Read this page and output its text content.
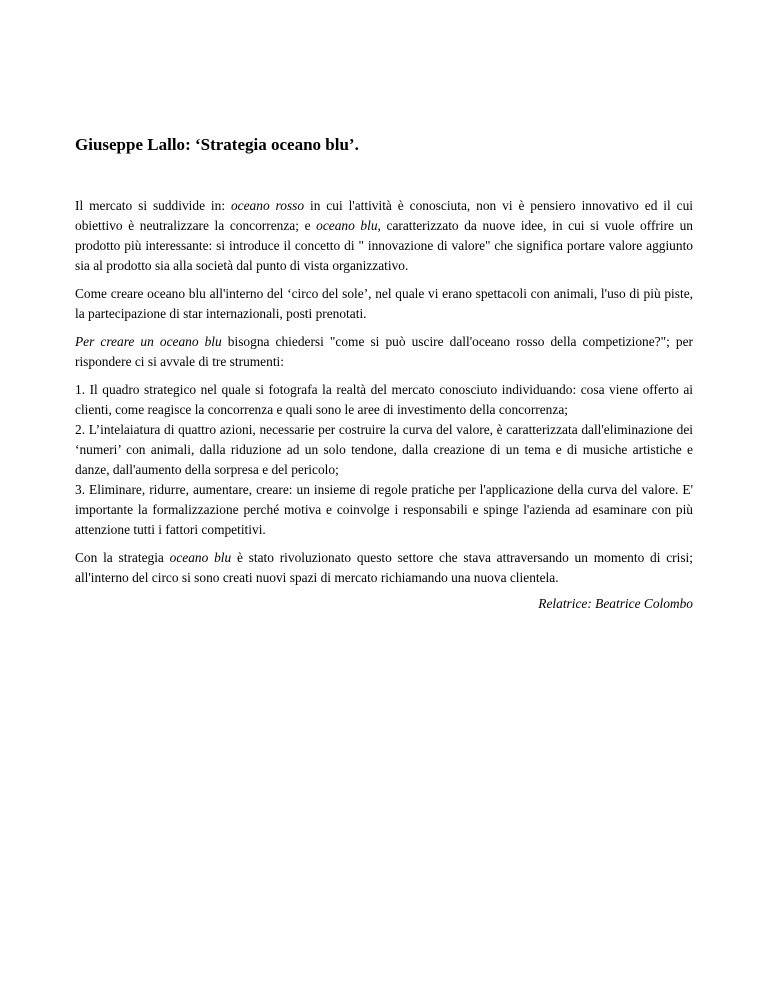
Giuseppe Lallo: ‘Strategia oceano blu’.

Il mercato si suddivide in: oceano rosso in cui l'attività è conosciuta, non vi è pensiero innovativo ed il cui obiettivo è neutralizzare la concorrenza; e oceano blu, caratterizzato da nuove idee, in cui si vuole offrire un prodotto più interessante: si introduce il concetto di " innovazione di valore" che significa portare valore aggiunto sia al prodotto sia alla società dal punto di vista organizzativo.

Come creare oceano blu all'interno del ‘circo del sole’, nel quale vi erano spettacoli con animali, l'uso di più piste, la partecipazione di star internazionali, posti prenotati.

Per creare un oceano blu bisogna chiedersi "come si può uscire dall'oceano rosso della competizione?"; per rispondere ci si avvale di tre strumenti:

1. Il quadro strategico nel quale si fotografa la realtà del mercato conosciuto individuando: cosa viene offerto ai clienti, come reagisce la concorrenza e quali sono le aree di investimento della concorrenza;

2. L’intelaiatura di quattro azioni, necessarie per costruire la curva del valore, è caratterizzata dall'eliminazione dei ‘numeri’ con animali, dalla riduzione ad un solo tendone, dalla creazione di un tema e di musiche artistiche e danze, dall'aumento della sorpresa e del pericolo;

3. Eliminare, ridurre, aumentare, creare: un insieme di regole pratiche per l'applicazione della curva del valore. E' importante la formalizzazione perché motiva e coinvolge i responsabili e spinge l'azienda ad esaminare con più attenzione tutti i fattori competitivi.

Con la strategia oceano blu è stato rivoluzionato questo settore che stava attraversando un momento di crisi; all'interno del circo si sono creati nuovi spazi di mercato richiamando una nuova clientela.

Relatrice: Beatrice Colombo
